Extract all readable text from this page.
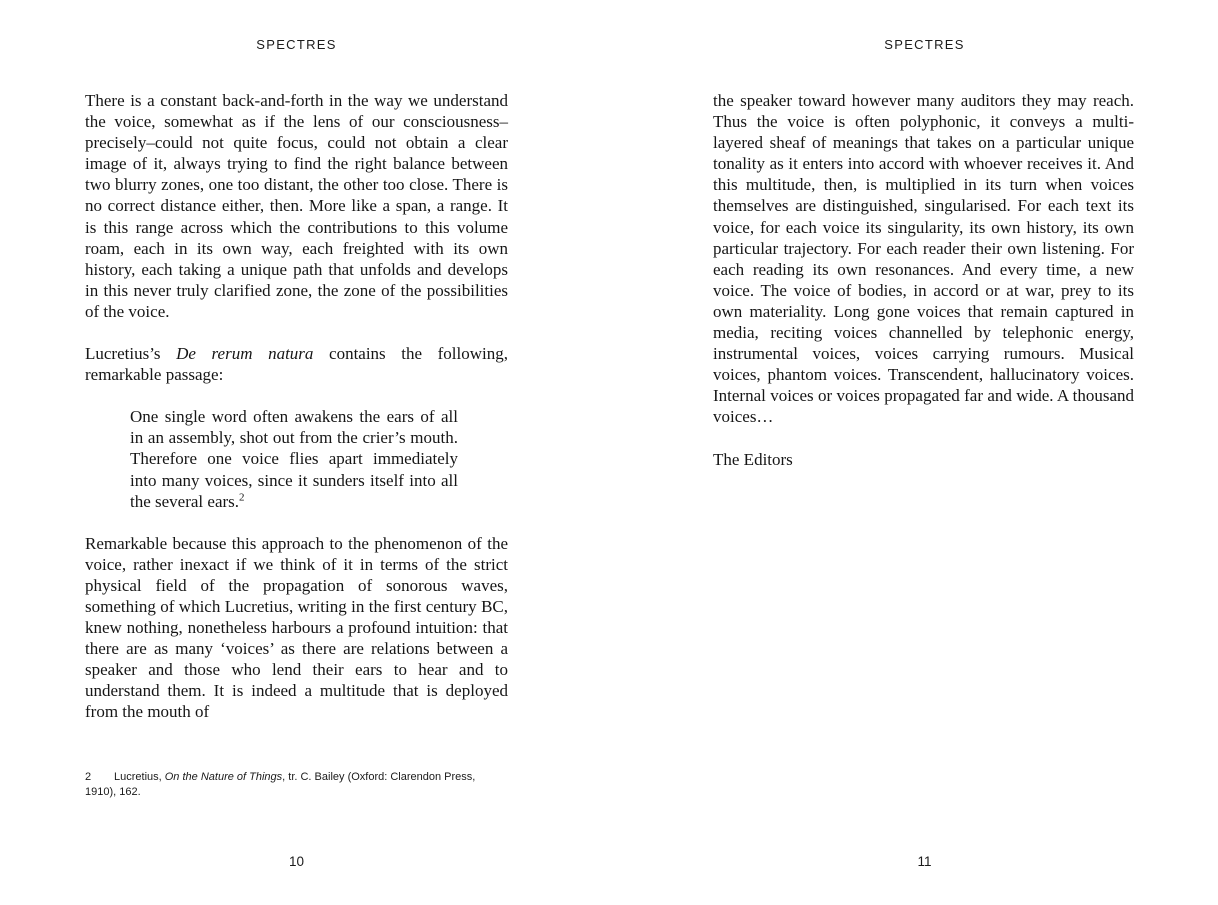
SPECTRES

There is a constant back-and-forth in the way we understand the voice, somewhat as if the lens of our consciousness–precisely–could not quite focus, could not obtain a clear image of it, always trying to find the right balance between two blurry zones, one too distant, the other too close. There is no correct distance either, then. More like a span, a range. It is this range across which the contributions to this volume roam, each in its own way, each freighted with its own history, each taking a unique path that unfolds and develops in this never truly clarified zone, the zone of the possibilities of the voice.

Lucretius’s De rerum natura contains the following, remarkable passage:

One single word often awakens the ears of all in an assembly, shot out from the crier’s mouth. Therefore one voice flies apart immediately into many voices, since it sunders itself into all the several ears.$^2$

Remarkable because this approach to the phenomenon of the voice, rather inexact if we think of it in terms of the strict physical field of the propagation of sonorous waves, something of which Lucretius, writing in the first century BC, knew nothing, nonetheless harbours a profound intuition: that there are as many ‘voices’ as there are relations between a speaker and those who lend their ears to hear and to understand them. It is indeed a multitude that is deployed from the mouth of

2 Lucretius, On the Nature of Things, tr. C. Bailey (Oxford: Clarendon Press, 1910), 162.
10
SPECTRES

the speaker toward however many auditors they may reach. Thus the voice is often polyphonic, it conveys a multi-layered sheaf of meanings that takes on a particular unique tonality as it enters into accord with whoever receives it. And this multitude, then, is multiplied in its turn when voices themselves are distinguished, singularised. For each text its voice, for each voice its singularity, its own history, its own particular trajectory. For each reader their own listening. For each reading its own resonances. And every time, a new voice. The voice of bodies, in accord or at war, prey to its own materiality. Long gone voices that remain captured in media, reciting voices channelled by telephonic energy, instrumental voices, voices carrying rumours. Musical voices, phantom voices. Transcendent, hallucinatory voices. Internal voices or voices propagated far and wide. A thousand voices…

The Editors

11
